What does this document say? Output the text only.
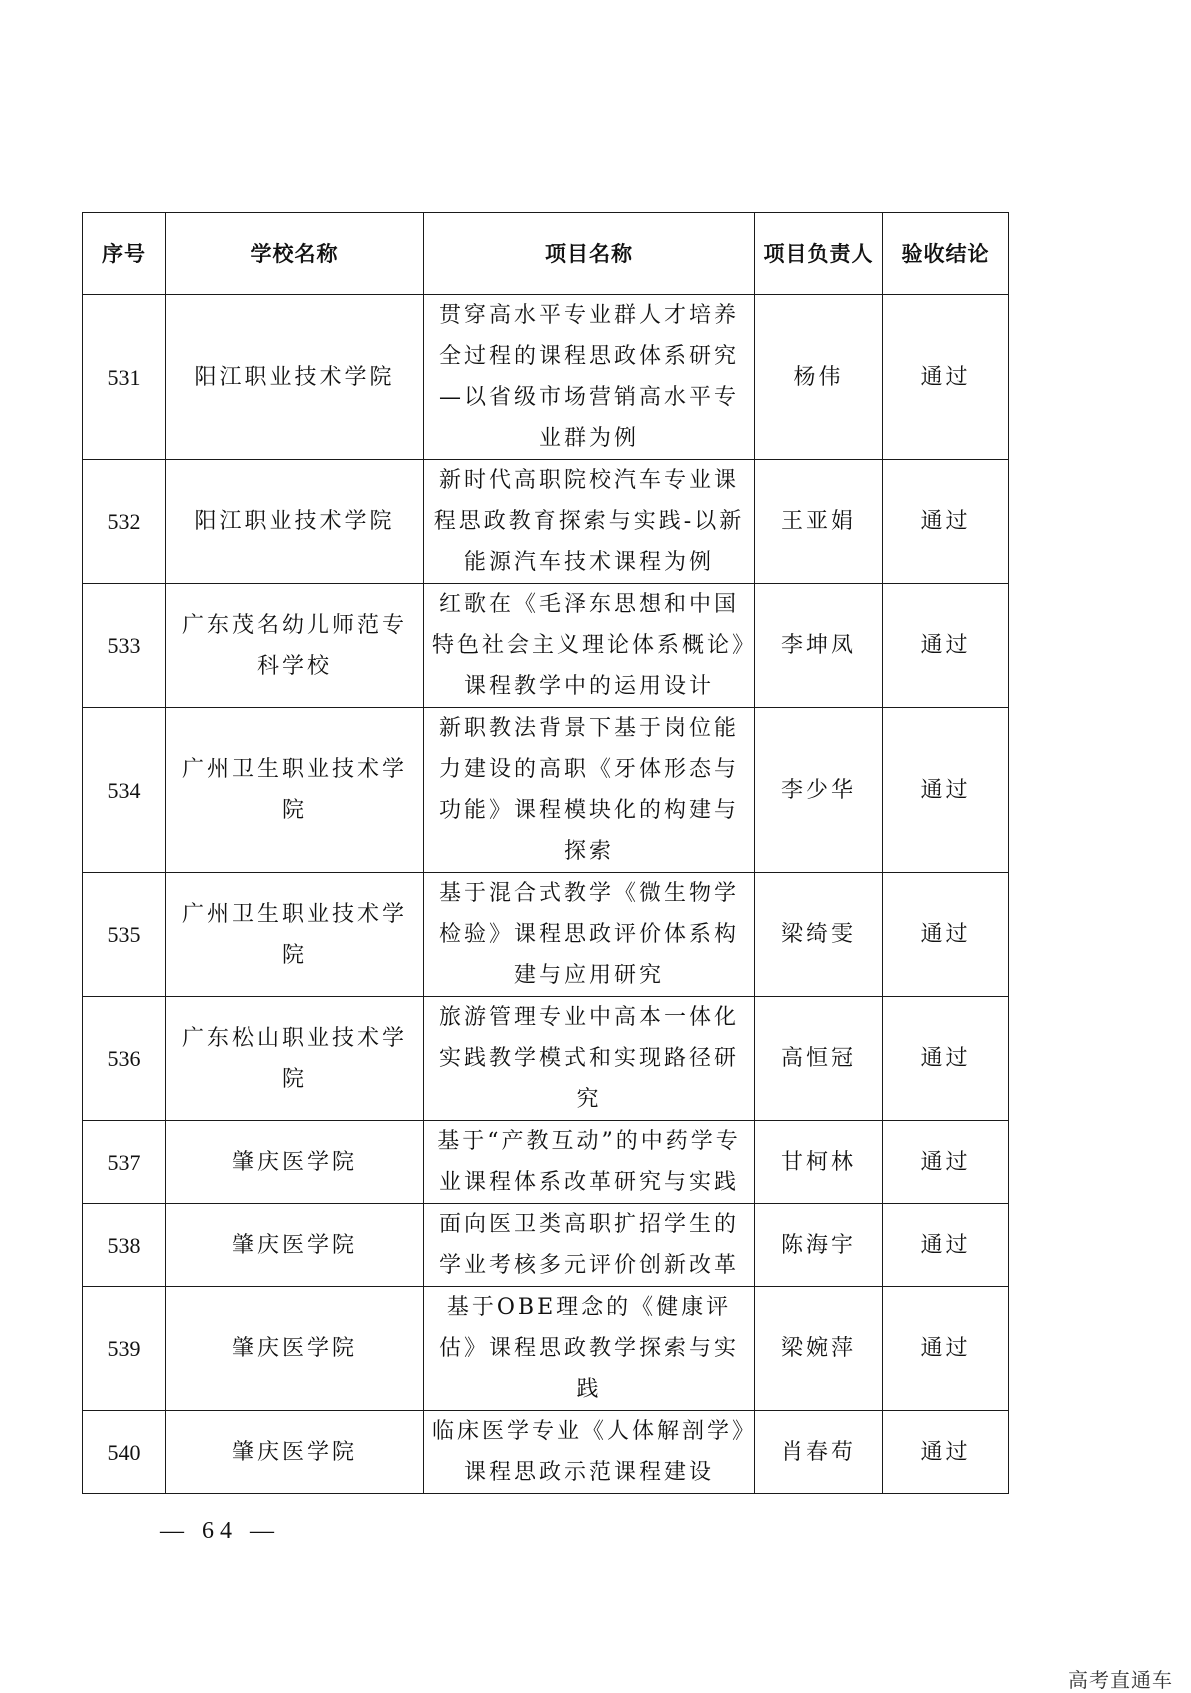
序号	学校名称	项目名称	项目负责人	验收结论
531	阳江职业技术学院	贯穿高水平专业群人才培养全过程的课程思政体系研究—以省级市场营销高水平专业群为例	杨伟	通过
532	阳江职业技术学院	新时代高职院校汽车专业课程思政教育探索与实践-以新能源汽车技术课程为例	王亚娟	通过
533	广东茂名幼儿师范专科学校	红歌在《毛泽东思想和中国特色社会主义理论体系概论》课程教学中的运用设计	李坤凤	通过
534	广州卫生职业技术学院	新职教法背景下基于岗位能力建设的高职《牙体形态与功能》课程模块化的构建与探索	李少华	通过
535	广州卫生职业技术学院	基于混合式教学《微生物学检验》课程思政评价体系构建与应用研究	梁绮雯	通过
536	广东松山职业技术学院	旅游管理专业中高本一体化实践教学模式和实现路径研究	高恒冠	通过
537	肇庆医学院	基于“产教互动”的中药学专业课程体系改革研究与实践	甘柯林	通过
538	肇庆医学院	面向医卫类高职扩招学生的学业考核多元评价创新改革	陈海宇	通过
539	肇庆医学院	基于OBE理念的《健康评估》课程思政教学探索与实践	梁婉萍	通过
540	肇庆医学院	临床医学专业《人体解剖学》课程思政示范课程建设	肖春苟	通过
— 64 —
高考直通车
